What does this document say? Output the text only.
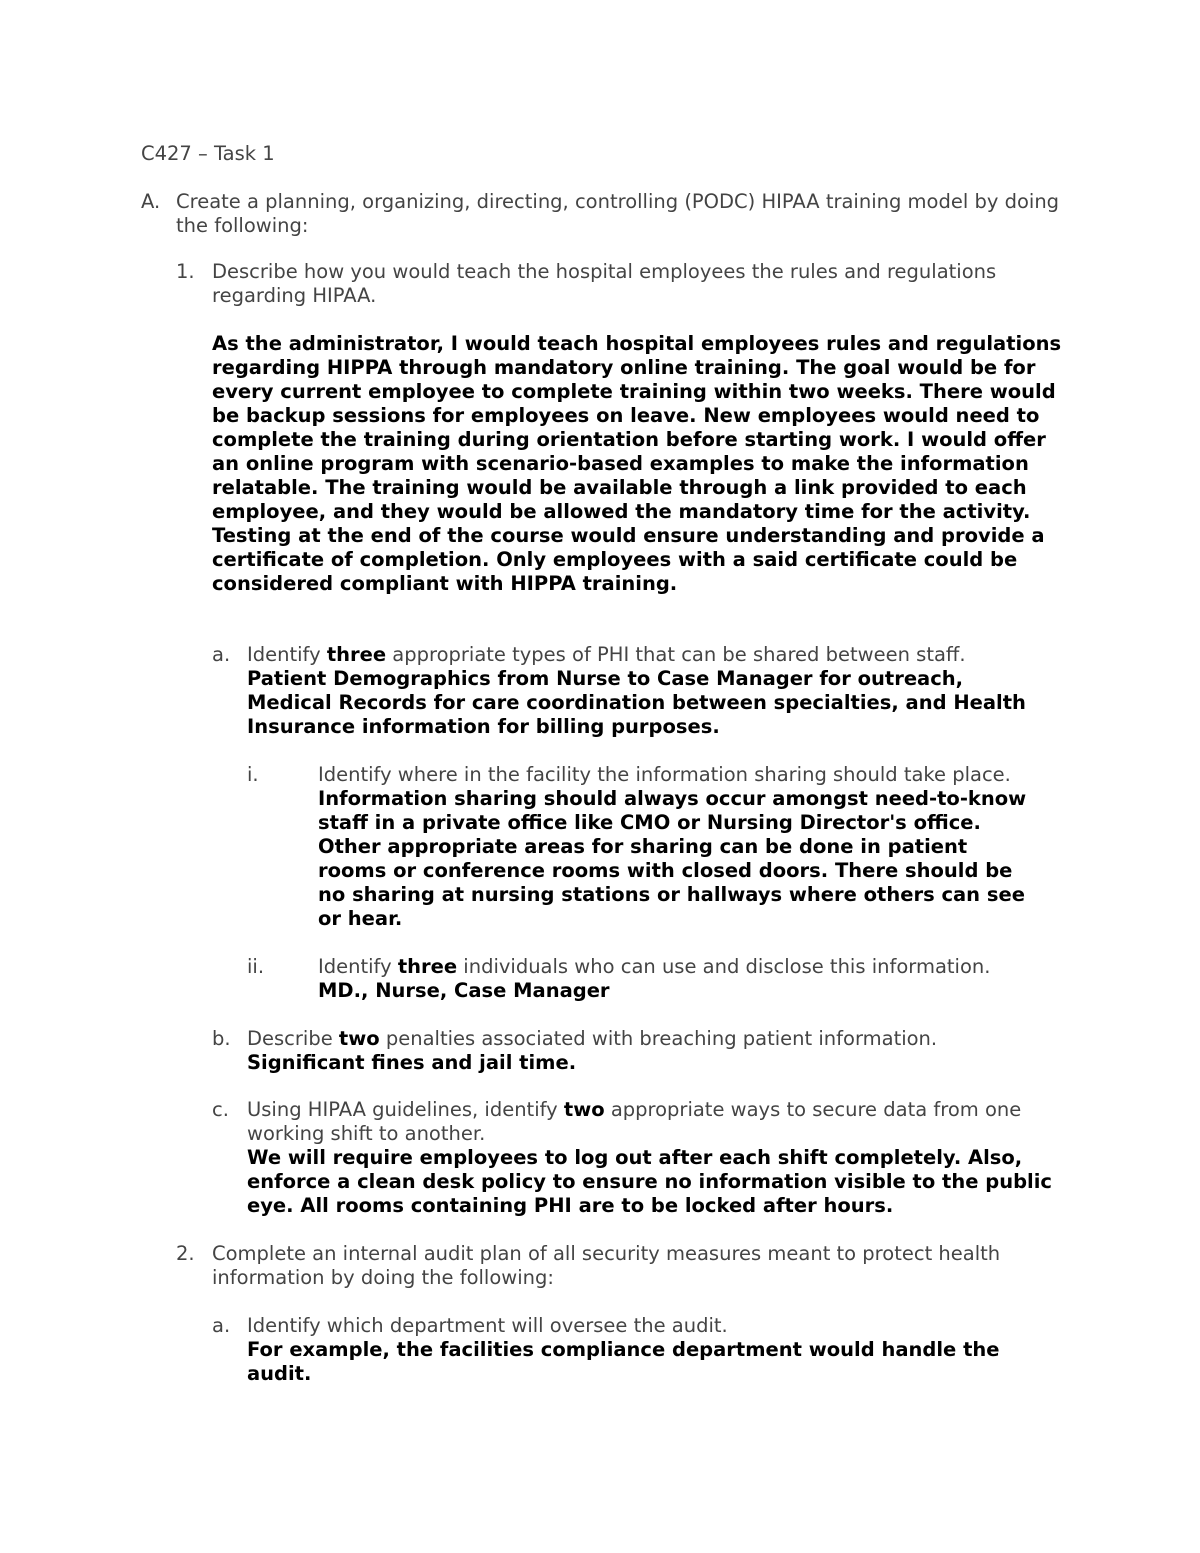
C427 – Task 1
A. Create a planning, organizing, directing, controlling (PODC) HIPAA training model by doing the following:
1. Describe how you would teach the hospital employees the rules and regulations regarding HIPAA.
As the administrator, I would teach hospital employees rules and regulations regarding HIPPA through mandatory online training. The goal would be for every current employee to complete training within two weeks. There would be backup sessions for employees on leave. New employees would need to complete the training during orientation before starting work. I would offer an online program with scenario-based examples to make the information relatable. The training would be available through a link provided to each employee, and they would be allowed the mandatory time for the activity. Testing at the end of the course would ensure understanding and provide a certificate of completion. Only employees with a said certificate could be considered compliant with HIPPA training.
a. Identify three appropriate types of PHI that can be shared between staff.
Patient Demographics from Nurse to Case Manager for outreach, Medical Records for care coordination between specialties, and Health Insurance information for billing purposes.
i.	Identify where in the facility the information sharing should take place.
Information sharing should always occur amongst need-to-know staff in a private office like CMO or Nursing Director's office. Other appropriate areas for sharing can be done in patient rooms or conference rooms with closed doors. There should be no sharing at nursing stations or hallways where others can see or hear.
ii.	Identify three individuals who can use and disclose this information.
MD., Nurse, Case Manager
b. Describe two penalties associated with breaching patient information.
Significant fines and jail time.
c. Using HIPAA guidelines, identify two appropriate ways to secure data from one working shift to another.
We will require employees to log out after each shift completely. Also, enforce a clean desk policy to ensure no information visible to the public eye. All rooms containing PHI are to be locked after hours.
2. Complete an internal audit plan of all security measures meant to protect health information by doing the following:
a. Identify which department will oversee the audit.
For example, the facilities compliance department would handle the audit.
